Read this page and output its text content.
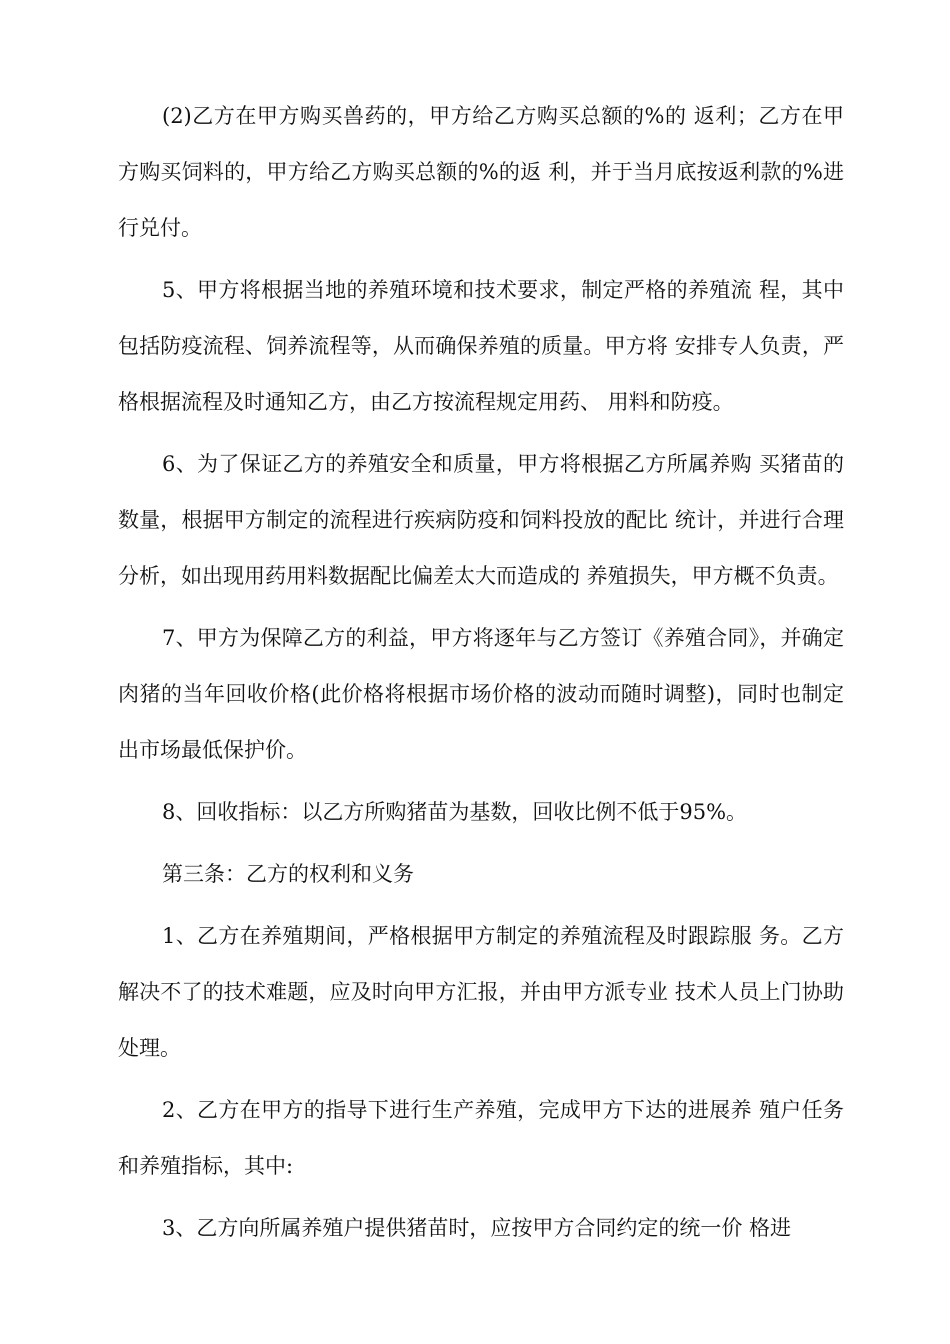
(2)乙方在甲方购买兽药的，甲方给乙方购买总额的%的 返利；乙方在甲方购买饲料的，甲方给乙方购买总额的%的返 利，并于当月底按返利款的%进行兑付。

5、甲方将根据当地的养殖环境和技术要求，制定严格的养殖流 程，其中包括防疫流程、饲养流程等，从而确保养殖的质量。甲方将 安排专人负责，严格根据流程及时通知乙方，由乙方按流程规定用药、 用料和防疫。

6、为了保证乙方的养殖安全和质量，甲方将根据乙方所属养购 买猪苗的数量，根据甲方制定的流程进行疾病防疫和饲料投放的配比 统计，并进行合理分析，如出现用药用料数据配比偏差太大而造成的 养殖损失，甲方概不负责。

7、甲方为保障乙方的利益，甲方将逐年与乙方签订《养殖合同》，并确定肉猪的当年回收价格(此价格将根据市场价格的波动而随时调整)，同时也制定出市场最低保护价。

8、回收指标：以乙方所购猪苗为基数，回收比例不低于95%。

第三条：乙方的权利和义务

1、乙方在养殖期间，严格根据甲方制定的养殖流程及时跟踪服 务。乙方解决不了的技术难题，应及时向甲方汇报，并由甲方派专业 技术人员上门协助处理。

2、乙方在甲方的指导下进行生产养殖，完成甲方下达的进展养 殖户任务和养殖指标，其中:

3、乙方向所属养殖户提供猪苗时，应按甲方合同约定的统一价 格进
